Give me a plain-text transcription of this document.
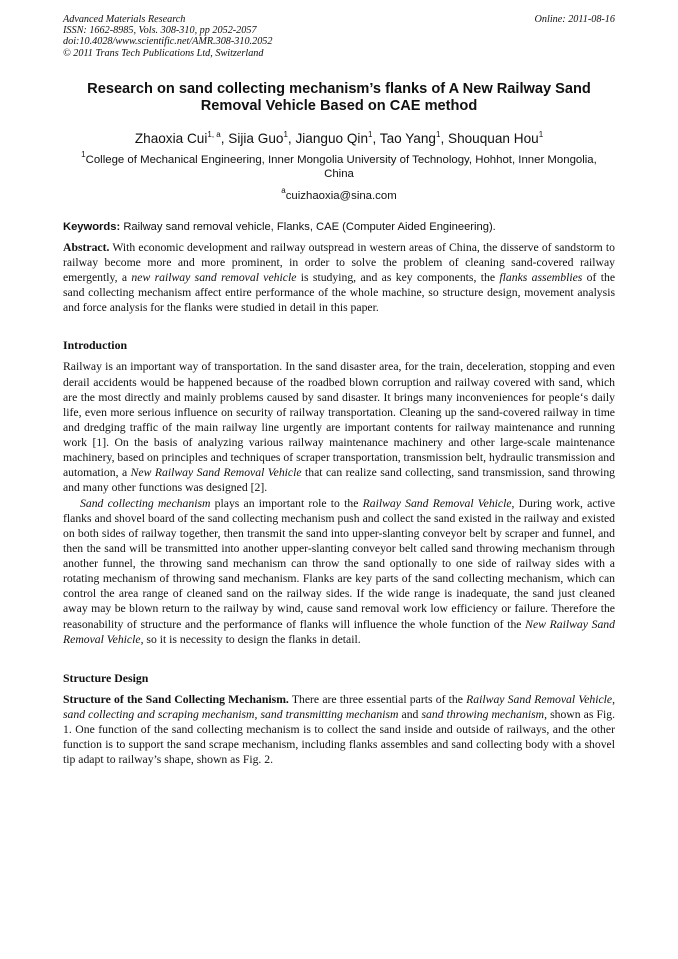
Advanced Materials Research
ISSN: 1662-8985, Vols. 308-310, pp 2052-2057
doi:10.4028/www.scientific.net/AMR.308-310.2052
© 2011 Trans Tech Publications Ltd, Switzerland
Online: 2011-08-16
Research on sand collecting mechanism’s flanks of A New Railway Sand Removal Vehicle Based on CAE method
Zhaoxia Cui$^{1, a}$, Sijia Guo$^1$, Jianguo Qin$^1$, Tao Yang$^1$, Shouquan Hou$^1$
$^1$College of Mechanical Engineering, Inner Mongolia University of Technology, Hohhot, Inner Mongolia, China
$^a$cuizhaoxia@sina.com
Keywords: Railway sand removal vehicle, Flanks, CAE (Computer Aided Engineering).

Abstract. With economic development and railway outspread in western areas of China, the disserve of sandstorm to railway become more and more prominent, in order to solve the problem of cleaning sand-covered railway emergently, a new railway sand removal vehicle is studying, and as key components, the flanks assemblies of the sand collecting mechanism affect entire performance of the whole machine, so structure design, movement analysis and force analysis for the flanks were studied in detail in this paper.

Introduction

Railway is an important way of transportation. In the sand disaster area, for the train, deceleration, stopping and even derail accidents would be happened because of the roadbed blown corruption and railway covered with sand, which are the most directly and mainly problems caused by sand disaster. It brings many inconveniences for people‘s daily life, even more serious influence on security of railway transportation. Cleaning up the sand-covered railway in time and dredging traffic of the main railway line urgently are important contents for railway maintenance and running work [1]. On the basis of analyzing various railway maintenance machinery and other large-scale maintenance machinery, based on principles and techniques of scraper transportation, transmission belt, hydraulic transmission and automation, a New Railway Sand Removal Vehicle that can realize sand collecting, sand transmission, sand throwing and many other functions was designed [2].

Sand collecting mechanism plays an important role to the Railway Sand Removal Vehicle, During work, active flanks and shovel board of the sand collecting mechanism push and collect the sand existed in the railway and existed on both sides of railway together, then transmit the sand into upper-slanting conveyor belt by scraper and funnel, and then the sand will be transmitted into another upper-slanting conveyor belt called sand throwing mechanism through another funnel, the throwing sand mechanism can throw the sand optionally to one side of railway sides with a rotating mechanism of throwing sand mechanism. Flanks are key parts of the sand collecting mechanism, which can control the area range of cleaned sand on the railway sides. If the wide range is inadequate, the sand just cleaned away may be blown return to the railway by wind, cause sand removal work low efficiency or failure. Therefore the reasonability of structure and the performance of flanks will influence the whole function of the New Railway Sand Removal Vehicle, so it is necessity to design the flanks in detail.

Structure Design

Structure of the Sand Collecting Mechanism. There are three essential parts of the Railway Sand Removal Vehicle, sand collecting and scraping mechanism, sand transmitting mechanism and sand throwing mechanism, shown as Fig. 1. One function of the sand collecting mechanism is to collect the sand inside and outside of railways, and the other function is to support the sand scrape mechanism, including flanks assembles and sand collecting body with a shovel tip adapt to railway’s shape, shown as Fig. 2.
